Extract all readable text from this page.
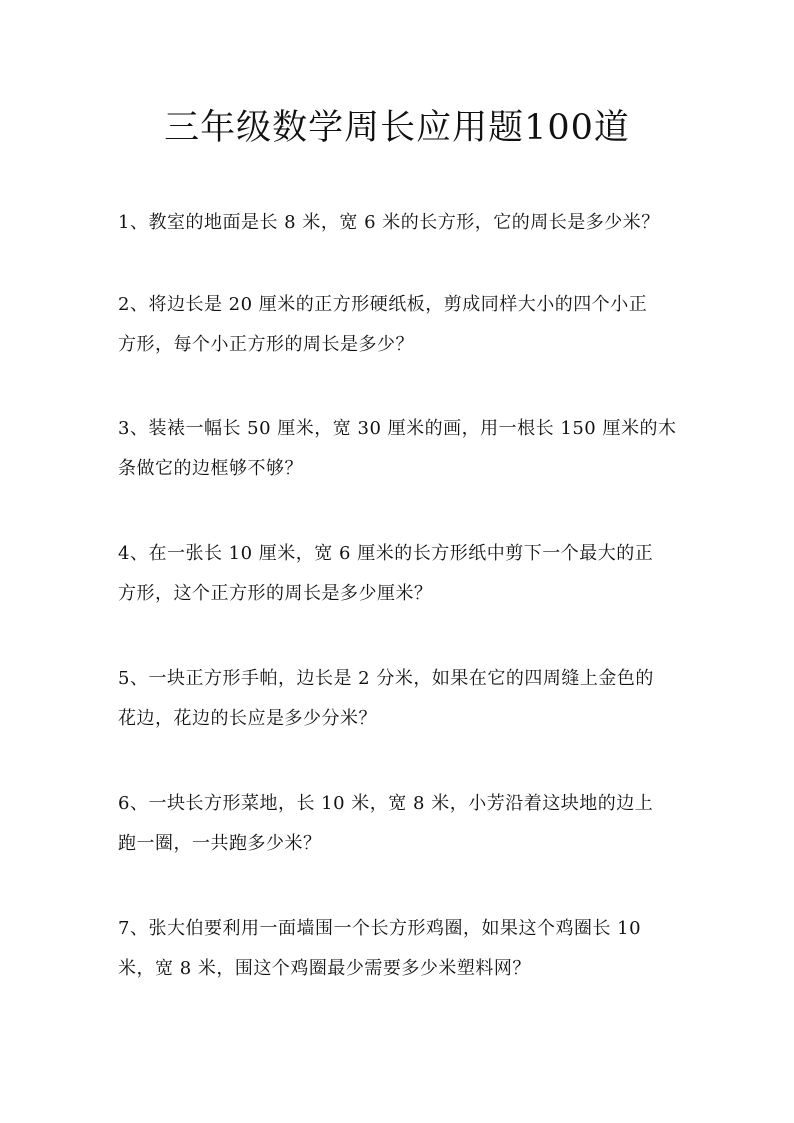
三年级数学周长应用题100道
1、教室的地面是长 8 米，宽 6 米的长方形，它的周长是多少米？
2、将边长是 20 厘米的正方形硬纸板，剪成同样大小的四个小正
方形，每个小正方形的周长是多少？
3、装裱一幅长 50 厘米，宽 30 厘米的画，用一根长 150 厘米的木
条做它的边框够不够？
4、在一张长 10 厘米，宽 6 厘米的长方形纸中剪下一个最大的正
方形，这个正方形的周长是多少厘米？
5、一块正方形手帕，边长是 2 分米，如果在它的四周缝上金色的
花边，花边的长应是多少分米？
6、一块长方形菜地，长 10 米，宽 8 米，小芳沿着这块地的边上
跑一圈，一共跑多少米？
7、张大伯要利用一面墙围一个长方形鸡圈，如果这个鸡圈长 10
米，宽 8 米，围这个鸡圈最少需要多少米塑料网？
